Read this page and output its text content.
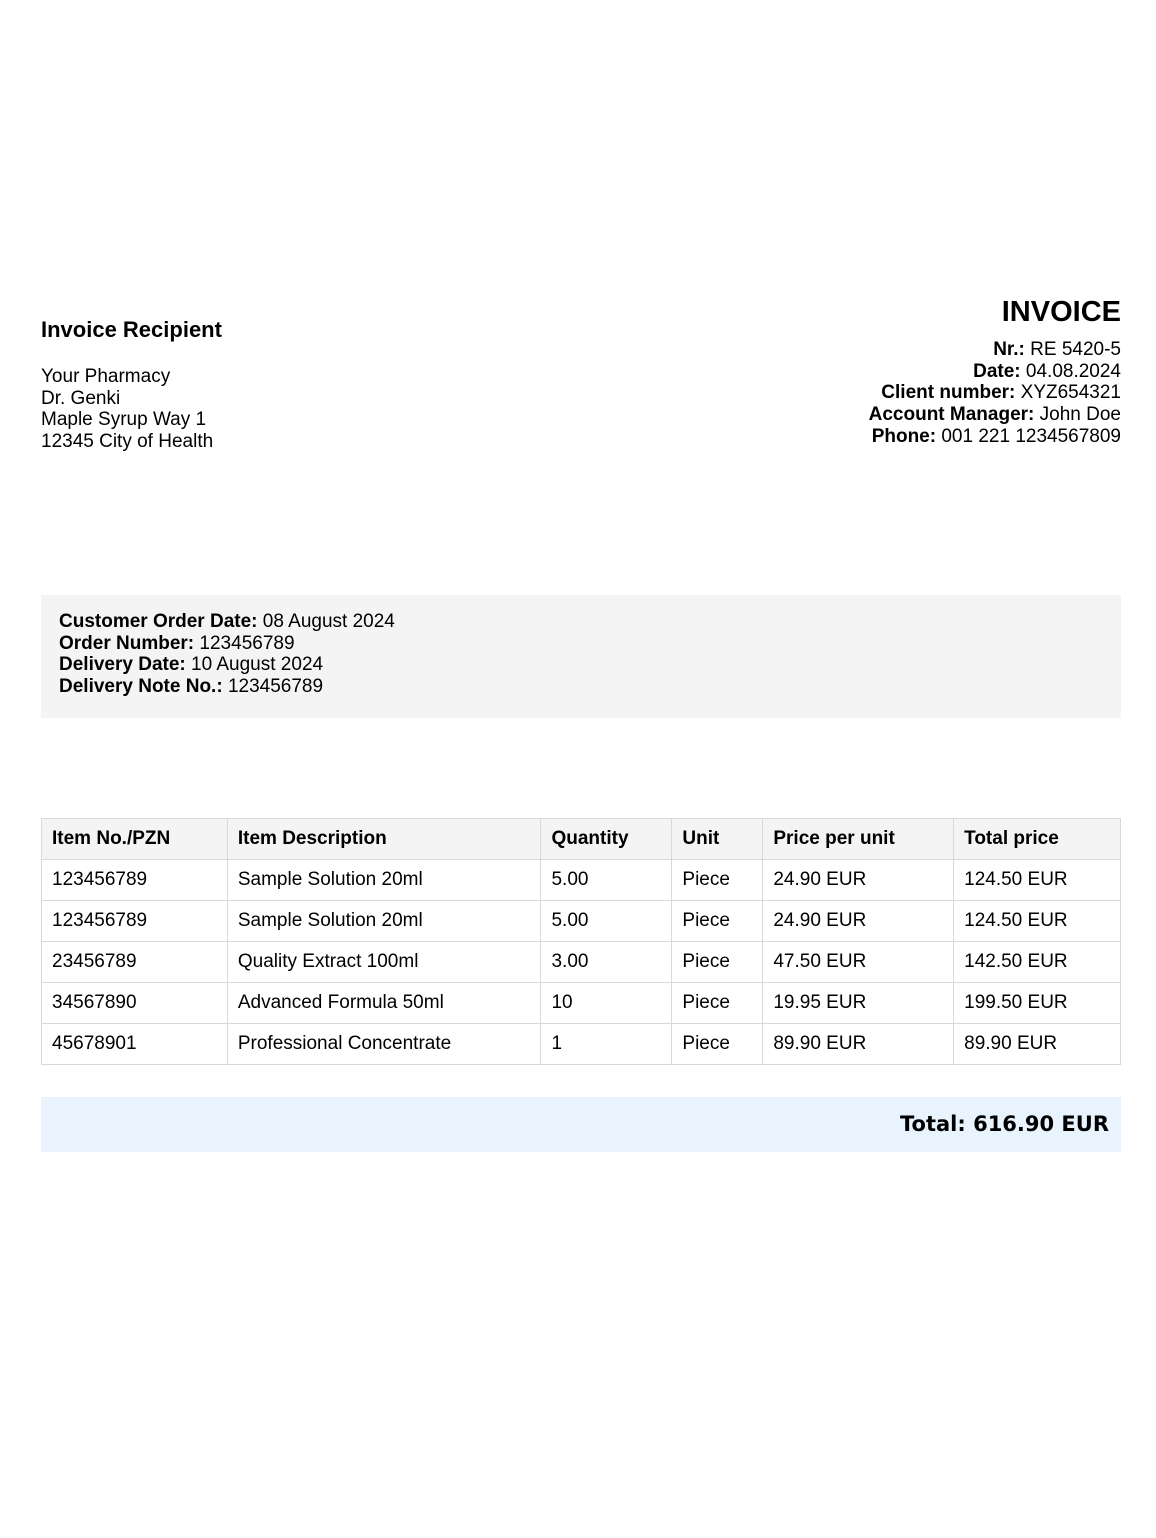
Invoice Recipient
Your Pharmacy
Dr. Genki
Maple Syrup Way 1
12345 City of Health
INVOICE
Nr.: RE 5420-5
Date: 04.08.2024
Client number: XYZ654321
Account Manager: John Doe
Phone: 001 221 1234567809
Customer Order Date: 08 August 2024
Order Number: 123456789
Delivery Date: 10 August 2024
Delivery Note No.: 123456789
Item No./PZN	Item Description	Quantity	Unit	Price per unit	Total price
123456789	Sample Solution 20ml	5.00	Piece	24.90 EUR	124.50 EUR
123456789	Sample Solution 20ml	5.00	Piece	24.90 EUR	124.50 EUR
23456789	Quality Extract 100ml	3.00	Piece	47.50 EUR	142.50 EUR
34567890	Advanced Formula 50ml	10	Piece	19.95 EUR	199.50 EUR
45678901	Professional Concentrate	1	Piece	89.90 EUR	89.90 EUR
Total: 616.90 EUR
